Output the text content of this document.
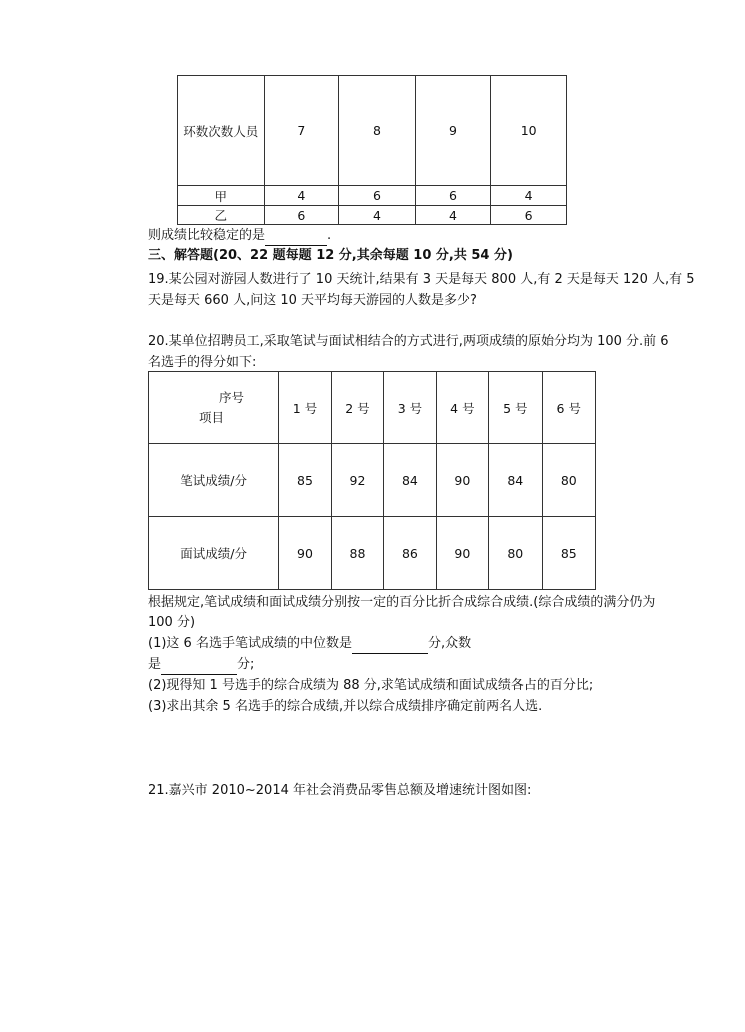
环数次数人员	7	8	9	10
甲	4	6	6	4
乙	6	4	4	6
则成绩比较稳定的是	.
三、解答题(20、22 题每题 12 分,其余每题 10 分,共 54 分)
19.某公园对游园人数进行了 10 天统计,结果有 3 天是每天 800 人,有 2 天是每天 120 人,有 5
天是每天 660 人,问这 10 天平均每天游园的人数是多少?
20.某单位招聘员工,采取笔试与面试相结合的方式进行,两项成绩的原始分均为 100 分.前 6
名选手的得分如下:
序号
项目	1 号	2 号	3 号	4 号	5 号	6 号
笔试成绩/分	85	92	84	90	84	80
面试成绩/分	90	88	86	90	80	85
根据规定,笔试成绩和面试成绩分别按一定的百分比折合成综合成绩.(综合成绩的满分仍为
100 分)
(1)这 6 名选手笔试成绩的中位数是	分,众数
是	分;
(2)现得知 1 号选手的综合成绩为 88 分,求笔试成绩和面试成绩各占的百分比;
(3)求出其余 5 名选手的综合成绩,并以综合成绩排序确定前两名人选.
21.嘉兴市 2010~2014 年社会消费品零售总额及增速统计图如图:
